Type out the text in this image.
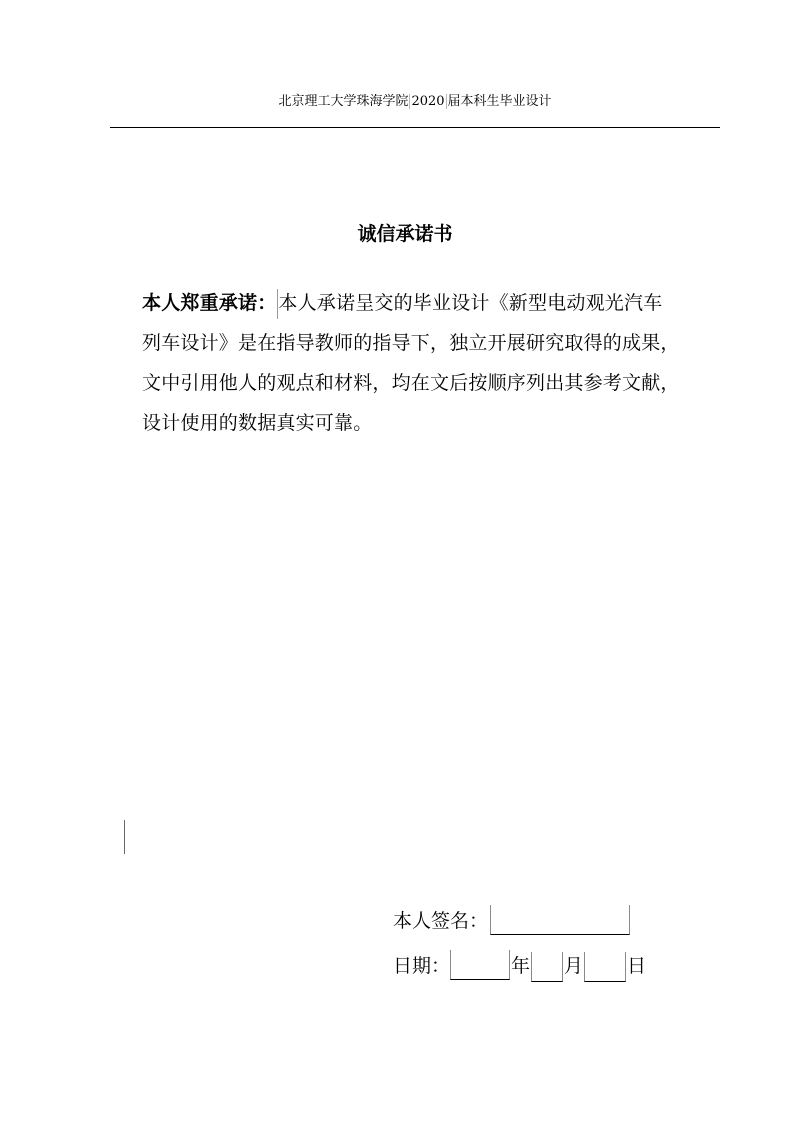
北京理工大学珠海学院 2020 届本科生毕业设计
诚信承诺书
本人郑重承诺： 本人承诺呈交的毕业设计《新型电动观光汽车
列车设计》是在指导教师的指导下，独立开展研究取得的成果，
文中引用他人的观点和材料，均在文后按顺序列出其参考文献，
设计使用的数据真实可靠。
本人签名：
日期：	年 月 日
